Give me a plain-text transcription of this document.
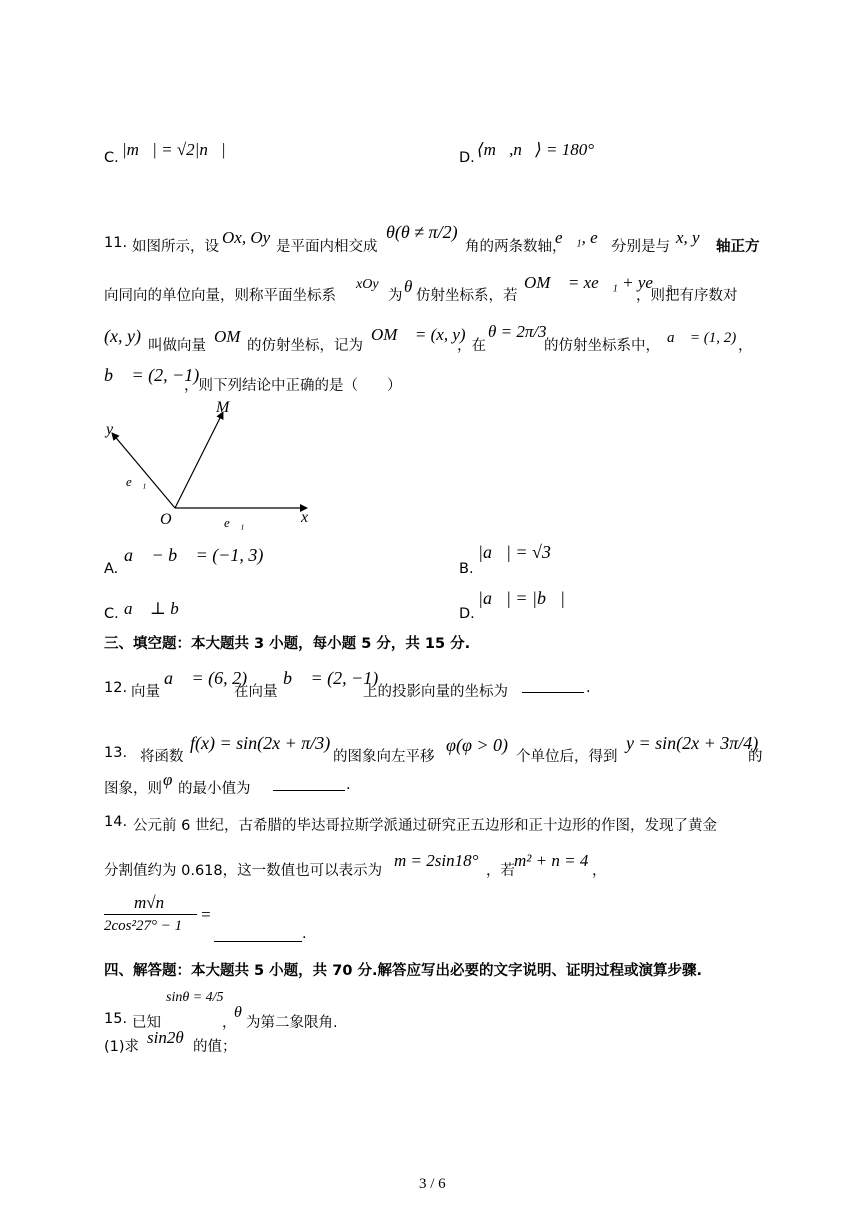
C. |m⃗| = √2|n⃗|	D. ⟨m⃗,n⃗⟩ = 180°
11. 如图所示，设 Ox, Oy 是平面内相交成
θ(θ ≠ π/2)
角的两条数轴，
e⃗₁, e⃗₂
分别是与 x, y 轴正方
向同向的单位向量，则称平面坐标系
xOy
为 θ 仿射坐标系，若
OM⃗ = xe⃗₁ + ye⃗₂
，则把有序数对
(x, y) 叫做向量 OM⃗
的仿射坐标，记为
OM⃗ = (x, y)
，在
θ = 2π/3
的仿射坐标系中， a⃗ = (1, 2) ，
b⃗ = (2, −1)
，则下列结论中正确的是（　　）
y
M
O	x
e⃗₁
e⃗₁
A.
a⃗ − b⃗ = (−1, 3)
B.
|a⃗| = √3
C. a⃗ ⊥ b⃗	D.
|a⃗| = |b⃗|
三、填空题：本大题共 3 小题，每小题 5 分，共 15 分.
12. 向量
a⃗ = (6, 2)
在向量
b⃗ = (2, −1)
上的投影向量的坐标为	.
13. 将函数
f(x) = sin(2x + π/3)
的图象向左平移
φ(φ > 0)
个单位后，得到
y = sin(2x + 3π/4)
的
图象，则 φ 的最小值为	.
14. 公元前 6 世纪，古希腊的毕达哥拉斯学派通过研究正五边形和正十边形的作图，发现了黄金
分割值约为 0.618，这一数值也可以表示为
m = 2sin18°
，若
m² + n = 4
，
m√n
2cos²27° − 1
=
.
四、解答题：本大题共 5 小题，共 70 分.解答应写出必要的文字说明、证明过程或演算步骤.
15. 已知
sinθ = 4/5
，
θ
为第二象限角.
(1)求 sin2θ 的值；
3 / 6
